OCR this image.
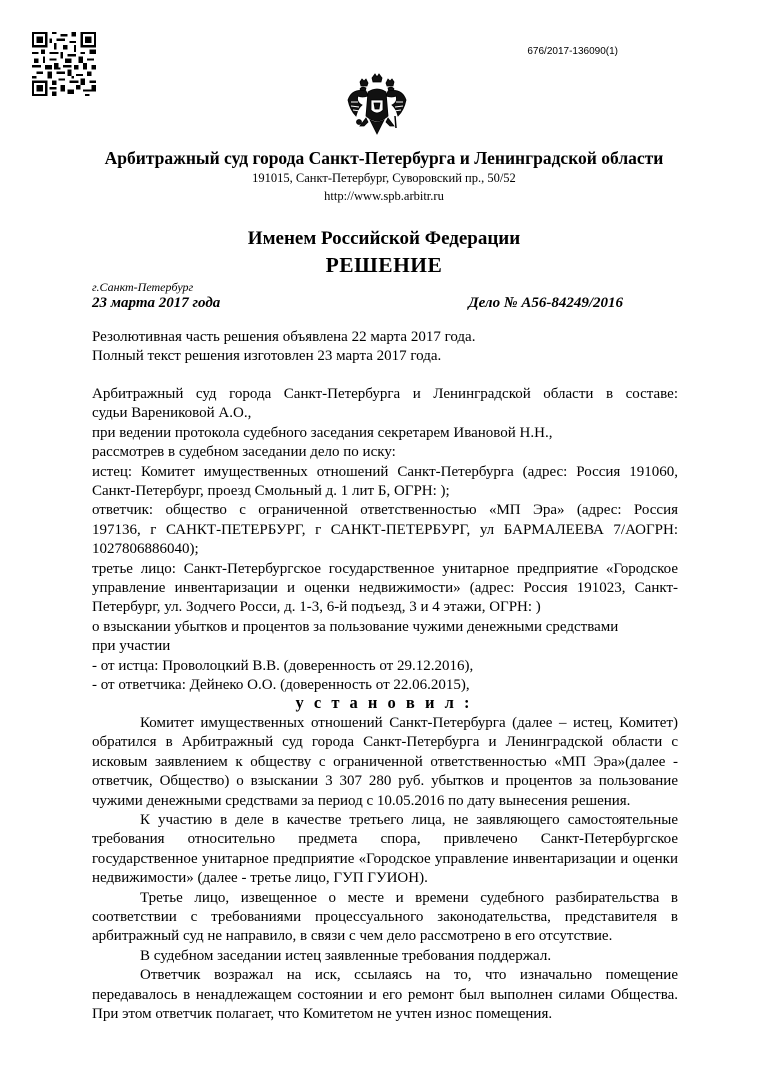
676/2017-136090(1)
Арбитражный суд города Санкт-Петербурга и Ленинградской области
191015, Санкт-Петербург, Суворовский пр., 50/52
http://www.spb.arbitr.ru
Именем Российской Федерации
РЕШЕНИЕ
г.Санкт-Петербург
23 марта 2017 года	Дело № А56-84249/2016

Резолютивная часть решения объявлена 22 марта 2017 года.

Полный текст решения изготовлен 23 марта 2017 года.

Арбитражный суд города Санкт-Петербурга и Ленинградской области в составе:

судьи Варениковой А.О.,

при ведении протокола судебного заседания секретарем Ивановой Н.Н.,

рассмотрев в судебном заседании дело по иску:

истец: Комитет имущественных отношений Санкт-Петербурга (адрес: Россия 191060,

Санкт-Петербург, проезд Смольный д. 1 лит Б, ОГРН: );

ответчик: общество с ограниченной ответственностью «МП Эра» (адрес: Россия

197136, г САНКТ-ПЕТЕРБУРГ, г САНКТ-ПЕТЕРБУРГ, ул БАРМАЛЕЕВА 7/АОГРН:

1027806886040);

третье лицо: Санкт-Петербургское государственное унитарное предприятие «Городское

управление инвентаризации и оценки недвижимости» (адрес: Россия 191023, Санкт-

Петербург, ул. Зодчего Росси, д. 1-3, 6-й подъезд, 3 и 4 этажи, ОГРН: )

о взыскании убытков и процентов за пользование чужими денежными средствами

при участии

- от истца: Проволоцкий В.В. (доверенность от 29.12.2016),

- от ответчика: Дейнеко О.О. (доверенность от 22.06.2015),

у с т а н о в и л :

Комитет имущественных отношений Санкт-Петербурга (далее – истец, Комитет) обратился в Арбитражный суд города Санкт-Петербурга и Ленинградской области с исковым заявлением к обществу с ограниченной ответственностью «МП Эра»(далее - ответчик, Общество) о взыскании 3 307 280 руб. убытков и процентов за пользование чужими денежными средствами за период с 10.05.2016 по дату вынесения решения.

К участию в деле в качестве третьего лица, не заявляющего самостоятельные требования относительно предмета спора, привлечено Санкт-Петербургское государственное унитарное предприятие «Городское управление инвентаризации и оценки недвижимости» (далее - третье лицо, ГУП ГУИОН).

Третье лицо, извещенное о месте и времени судебного разбирательства в соответствии с требованиями процессуального законодательства, представителя в арбитражный суд не направило, в связи с чем дело рассмотрено в его отсутствие.

В судебном заседании истец заявленные требования поддержал.

Ответчик возражал на иск, ссылаясь на то, что изначально помещение передавалось в ненадлежащем состоянии и его ремонт был выполнен силами Общества. При этом ответчик полагает, что Комитетом не учтен износ помещения.
